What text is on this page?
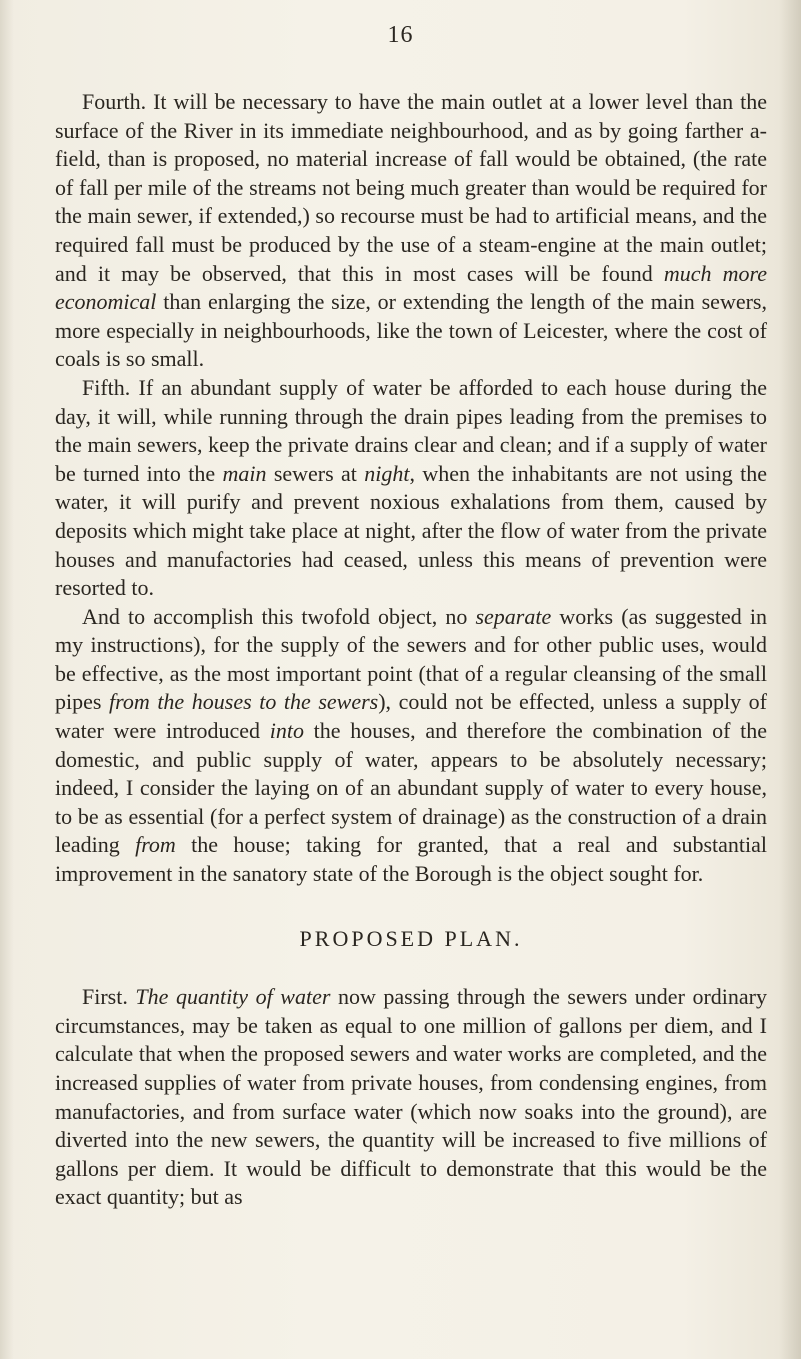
16

Fourth. It will be necessary to have the main outlet at a lower level than the surface of the River in its immediate neighbourhood, and as by going farther a-field, than is proposed, no material increase of fall would be obtained, (the rate of fall per mile of the streams not being much greater than would be required for the main sewer, if extended,) so recourse must be had to artificial means, and the required fall must be produced by the use of a steam-engine at the main outlet; and it may be observed, that this in most cases will be found much more economical than enlarging the size, or extending the length of the main sewers, more especially in neighbourhoods, like the town of Leicester, where the cost of coals is so small.

Fifth. If an abundant supply of water be afforded to each house during the day, it will, while running through the drain pipes leading from the premises to the main sewers, keep the private drains clear and clean; and if a supply of water be turned into the main sewers at night, when the inhabitants are not using the water, it will purify and prevent noxious exhalations from them, caused by deposits which might take place at night, after the flow of water from the private houses and manufactories had ceased, unless this means of prevention were resorted to.

And to accomplish this twofold object, no separate works (as suggested in my instructions), for the supply of the sewers and for other public uses, would be effective, as the most important point (that of a regular cleansing of the small pipes from the houses to the sewers), could not be effected, unless a supply of water were introduced into the houses, and therefore the combination of the domestic, and public supply of water, appears to be absolutely necessary; indeed, I consider the laying on of an abundant supply of water to every house, to be as essential (for a perfect system of drainage) as the construction of a drain leading from the house; taking for granted, that a real and substantial improvement in the sanatory state of the Borough is the object sought for.

PROPOSED PLAN.

First. The quantity of water now passing through the sewers under ordinary circumstances, may be taken as equal to one million of gallons per diem, and I calculate that when the proposed sewers and water works are completed, and the increased supplies of water from private houses, from condensing engines, from manufactories, and from surface water (which now soaks into the ground), are diverted into the new sewers, the quantity will be increased to five millions of gallons per diem. It would be difficult to demonstrate that this would be the exact quantity; but as
